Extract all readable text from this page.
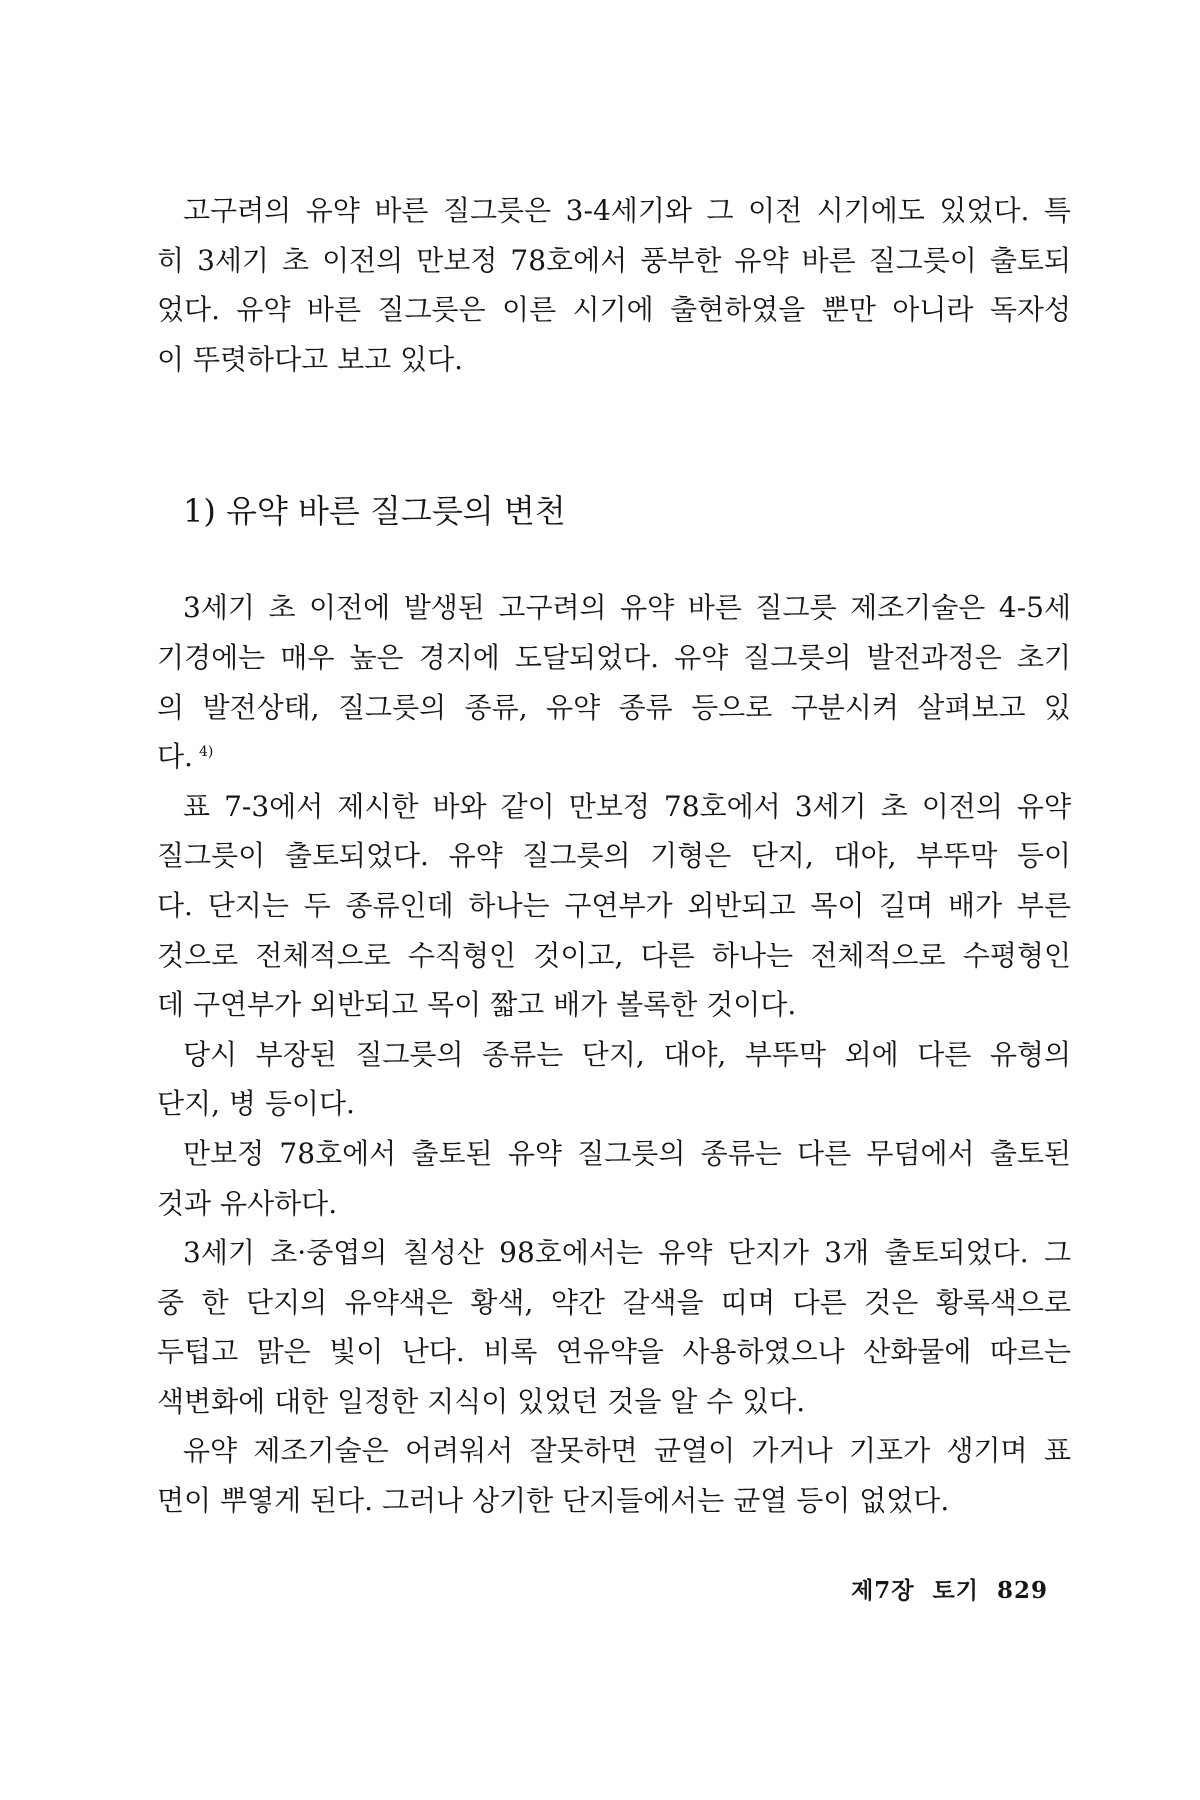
고구려의 유약 바른 질그릇은 3-4세기와 그 이전 시기에도 있었다. 특
히 3세기 초 이전의 만보정 78호에서 풍부한 유약 바른 질그릇이 출토되
었다. 유약 바른 질그릇은 이른 시기에 출현하였을 뿐만 아니라 독자성
이 뚜렷하다고 보고 있다.
1) 유약 바른 질그릇의 변천
3세기 초 이전에 발생된 고구려의 유약 바른 질그릇 제조기술은 4-5세
기경에는 매우 높은 경지에 도달되었다. 유약 질그릇의 발전과정은 초기
의 발전상태, 질그릇의 종류, 유약 종류 등으로 구분시켜 살펴보고 있
다. $^{4)}$
표 7-3에서 제시한 바와 같이 만보정 78호에서 3세기 초 이전의 유약
질그릇이 출토되었다. 유약 질그릇의 기형은 단지, 대야, 부뚜막 등이
다. 단지는 두 종류인데 하나는 구연부가 외반되고 목이 길며 배가 부른
것으로 전체적으로 수직형인 것이고, 다른 하나는 전체적으로 수평형인
데 구연부가 외반되고 목이 짧고 배가 볼록한 것이다.
당시 부장된 질그릇의 종류는 단지, 대야, 부뚜막 외에 다른 유형의
단지, 병 등이다.
만보정 78호에서 출토된 유약 질그릇의 종류는 다른 무덤에서 출토된
것과 유사하다.
3세기 초·중엽의 칠성산 98호에서는 유약 단지가 3개 출토되었다. 그
중 한 단지의 유약색은 황색, 약간 갈색을 띠며 다른 것은 황록색으로
두텁고 맑은 빛이 난다. 비록 연유약을 사용하였으나 산화물에 따르는
색변화에 대한 일정한 지식이 있었던 것을 알 수 있다.
유약 제조기술은 어려워서 잘못하면 균열이 가거나 기포가 생기며 표
면이 뿌옇게 된다. 그러나 상기한 단지들에서는 균열 등이 없었다.
제7장 토기 829
